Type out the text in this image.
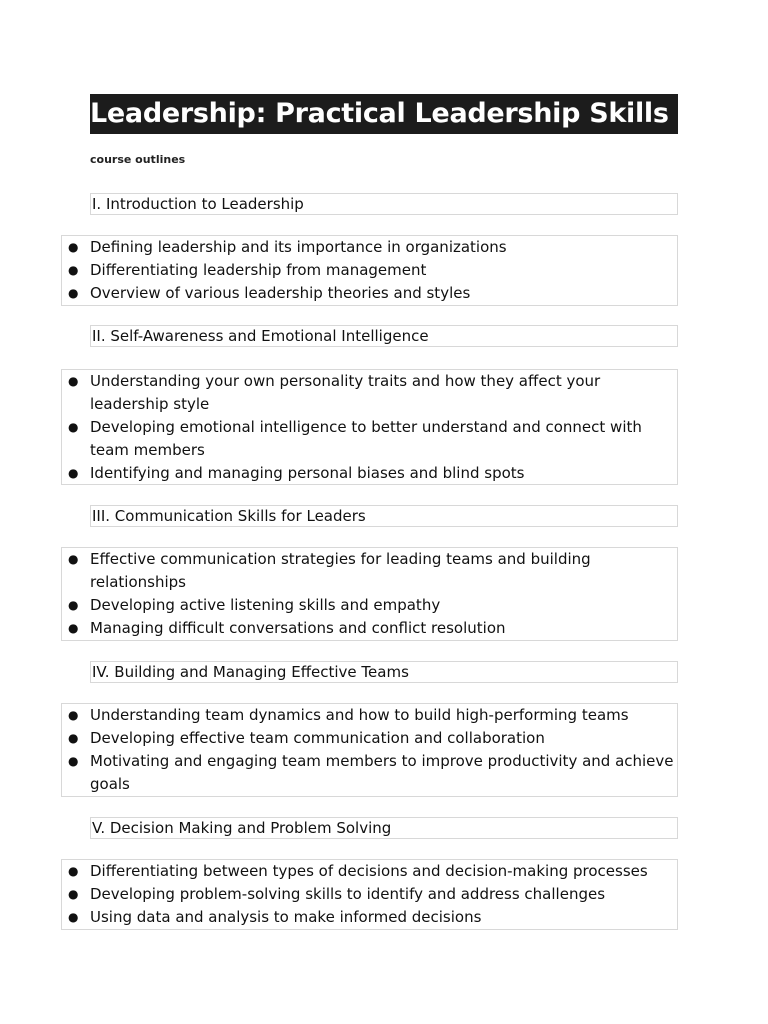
Leadership: Practical Leadership Skills
course outlines
I. Introduction to Leadership
● Defining leadership and its importance in organizations
● Differentiating leadership from management
● Overview of various leadership theories and styles
II. Self-Awareness and Emotional Intelligence
● Understanding your own personality traits and how they affect your leadership style
● Developing emotional intelligence to better understand and connect with team members
● Identifying and managing personal biases and blind spots
III. Communication Skills for Leaders
● Effective communication strategies for leading teams and building relationships
● Developing active listening skills and empathy
● Managing difficult conversations and conflict resolution
IV. Building and Managing Effective Teams
● Understanding team dynamics and how to build high-performing teams
● Developing effective team communication and collaboration
● Motivating and engaging team members to improve productivity and achieve goals
V. Decision Making and Problem Solving
● Differentiating between types of decisions and decision-making processes
● Developing problem-solving skills to identify and address challenges
● Using data and analysis to make informed decisions
